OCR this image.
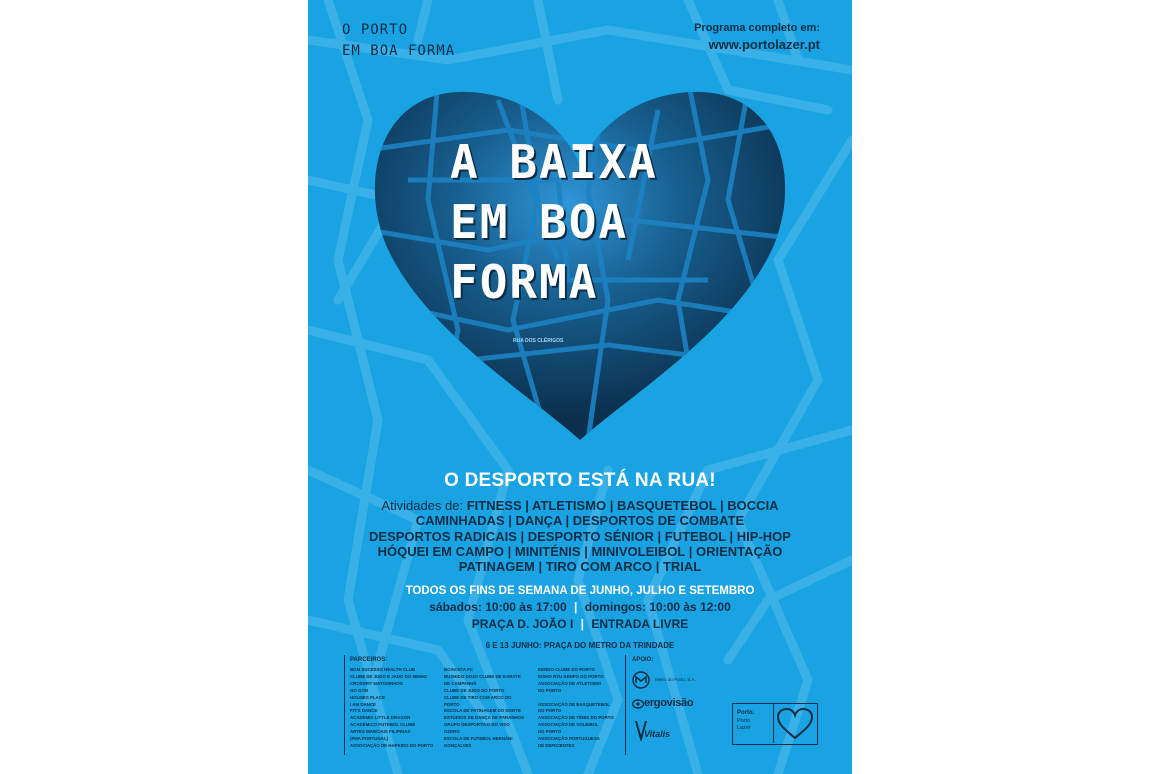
RUA DOS CLÉRIGOS
O PORTO
EM BOA FORMA
Programa completo em:
www.portolazer.pt
A BAIXA
EM BOA
FORMA
O DESPORTO ESTÁ NA RUA!
Atividades de: FITNESS | ATLETISMO | BASQUETEBOL | BOCCIA
CAMINHADAS | DANÇA | DESPORTOS DE COMBATE
DESPORTOS RADICAIS | DESPORTO SÉNIOR | FUTEBOL | HIP-HOP
HÓQUEI EM CAMPO | MINITÉNIS | MINIVOLEIBOL | ORIENTAÇÃO
PATINAGEM | TIRO COM ARCO | TRIAL
TODOS OS FINS DE SEMANA DE JUNHO, JULHO E SETEMBRO
sábados: 10:00 às 17:00 | domingos: 10:00 às 12:00
PRAÇA D. JOÃO I | ENTRADA LIVRE
6 E 13 JUNHO: PRAÇA DO METRO DA TRINDADE
PARCEIROS:
BOM SUCESSO HEALTH CLUB
CLUBE DE JUDO E JADO DO MINHO
CROSSFIT MATOSINHOS
GO GYM
HOLMES PLACE
I AM DANCE
FIT'S DANCE
ACADEMIA LITTLE DRAGON
ACADÉMICO FUTEBOL CLUBE
ARTES MARCIAIS FILIPINAS
(FMA PORTUGAL)
ASSOCIAÇÃO DE HAPKIDO DO PORTO
BOAVISTA FC
BUSHIDO DOJO CLUBE DE KARATE
DE CAMPANHÃ
CLUBE DE JUDO DO PORTO
CLUBE DE TIRO COM ARCO DO
PORTO
ESCOLA DE PATINAGEM DO NORTE
ESTÚDIOS DE DANÇA DE PARANHOS
GRUPO DESPORTIVO DO VISO
OZERO
ESCOLA DE FUTEBOL HERNÂNI
GONÇALVES
KENDO CLUBE DO PORTO
KISHO RYU KENPO DO PORTO
ASSOCIAÇÃO DE ATLETISMO
DO PORTO

ASSOCIAÇÃO DE BASQUETEBOL
DO PORTO
ASSOCIAÇÃO DE TÉNIS DO PORTO
ASSOCIAÇÃO DE VOLEIBOL
DO PORTO
ASSOCIAÇÃO PORTUGUESA
DE DEFICIENTES
APOIO:
Metro do Porto, S.A.
ergovisão
Vitalis
Porto.
Porto
Lazer
